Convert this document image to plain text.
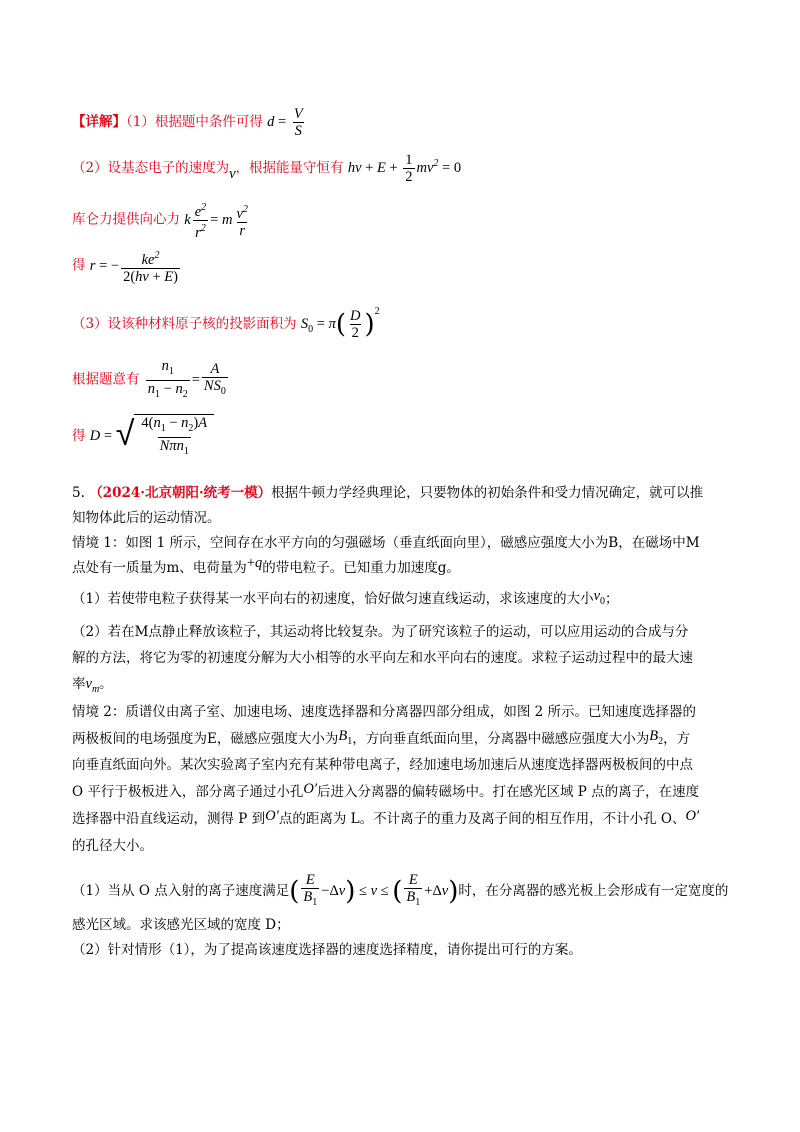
【详解】（1）根据题中条件可得 $d = \frac{V}{S}$
（2）设基态电子的速度为v，根据能量守恒有 $h\nu + E + \frac{1}{2} mv^2 = 0$
库仑力提供向心力 k $\frac{e^2}{r^2} = m \frac{v^2}{r}$
得 r = − $\frac{ke^2}{2(h\nu + E)}$
（3）设该种材料原子核的投影面积为 $S_0 = \pi( \frac{D}{2} )^2$
根据题意有 $\frac{n_1}{n_1 - n_2} = \frac{A}{NS_0}$
得 D = √ $\frac{4(n_1 - n_2)A}{N\pi n_1}$
5. （2024·北京朝阳·统考一模）根据牛顿力学经典理论，只要物体的初始条件和受力情况确定，就可以推
知物体此后的运动情况。
情境 1：如图 1 所示，空间存在水平方向的匀强磁场（垂直纸面向里），磁感应强度大小为B，在磁场中M
点处有一质量为m、电荷量为+q的带电粒子。已知重力加速度g。
（1）若使带电粒子获得某一水平向右的初速度，恰好做匀速直线运动，求该速度的大小$v_0$；
（2）若在M点静止释放该粒子，其运动将比较复杂。为了研究该粒子的运动，可以应用运动的合成与分
解的方法，将它为零的初速度分解为大小相等的水平向左和水平向右的速度。求粒子运动过程中的最大速
率$v_m$。
情境 2：质谱仪由离子室、加速电场、速度选择器和分离器四部分组成，如图 2 所示。已知速度选择器的
两极板间的电场强度为E，磁感应强度大小为$B_1$，方向垂直纸面向里，分离器中磁感应强度大小为$B_2$，方
向垂直纸面向外。某次实验离子室内充有某种带电离子，经加速电场加速后从速度选择器两极板间的中点
O 平行于极板进入，部分离子通过小孔O′后进入分离器的偏转磁场中。打在感光区域 P 点的离子，在速度
选择器中沿直线运动，测得 P 到O′点的距离为 L。不计离子的重力及离子间的相互作用，不计小孔 O、O′
的孔径大小。
（1）当从 O 点入射的离子速度满足( $\frac{E}{B_1} -\Delta v) \le v$ ≤ ( $\frac{E}{B_1} +\Delta v$)时，在分离器的感光板上会形成有一定宽度的
感光区域。求该感光区域的宽度 D；
（2）针对情形（1），为了提高该速度选择器的速度选择精度，请你提出可行的方案。
